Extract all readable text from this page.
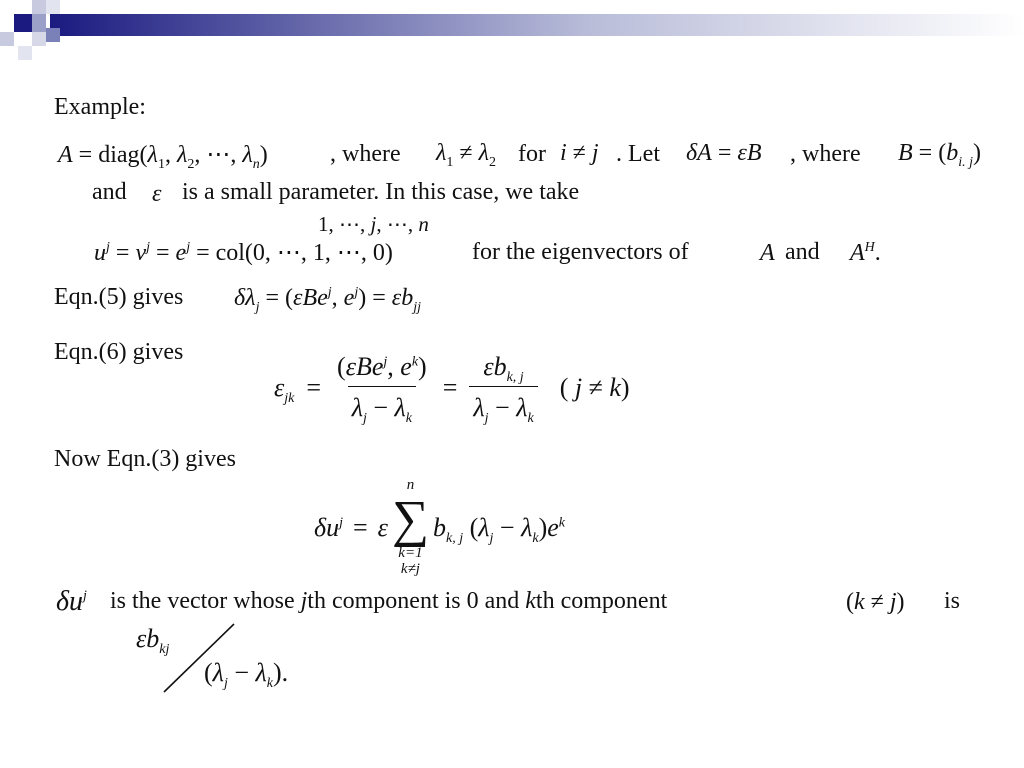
Example:
$A = diag(\lambda_1$, $\lambda_2$, ⋯, $\lambda_n$)	, where $\lambda_1 \ne \lambda_2$ for i ≠ j . Let δA = εB , where $B = (b_{i. j})$
and ε is a small parameter. In this case, we take
1, ⋯, j, ⋯, n
$u^j = v^j = e^j = col(0$, ⋯, 1, ⋯, 0)	for the eigenvectors of	A and $A^H$.
Eqn.(5) gives $\delta\lambda_j = (\varepsilon Be^j$, $e^j) = \varepsilon b_{jj}$
Eqn.(6) gives
$\varepsilon_{jk} = \frac{(\varepsilon Be^j, e^k)}{\lambda_j - \lambda_k} = \frac{\varepsilon b_{k, j}}{\lambda_j - \lambda_k}$ ( j ≠ k)
Now Eqn.(3) gives
$\delta u^j = \varepsilon$
n
∑
k=1
k≠j
$b_{k, j}$ $(\lambda_j - \lambda_k)e^k$
$\delta u^j$ is the vector whose jth component is 0 and kth component	(k ≠ j) is
$\varepsilon b_{kj}$
$(\lambda_j - \lambda_k)$.
